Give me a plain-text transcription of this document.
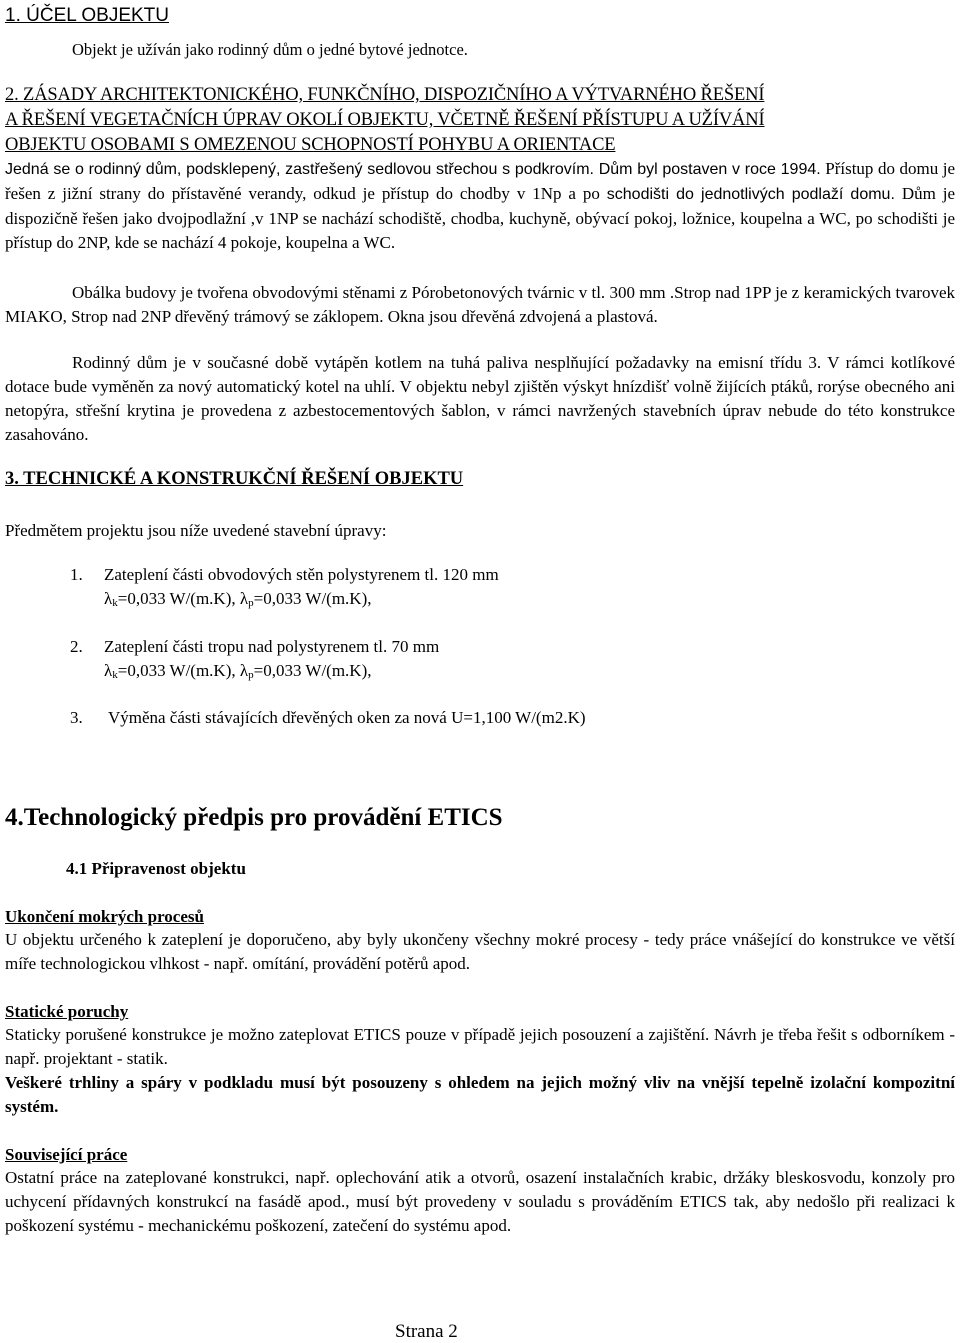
1. ÚČEL OBJEKTU
Objekt je užíván jako rodinný dům o jedné bytové jednotce.
2. ZÁSADY ARCHITEKTONICKÉHO, FUNKČNÍHO, DISPOZIČNÍHO A VÝTVARNÉHO ŘEŠENÍ
A ŘEŠENÍ VEGETAČNÍCH ÚPRAV OKOLÍ OBJEKTU, VČETNĚ ŘEŠENÍ PŘÍSTUPU A UŽÍVÁNÍ
OBJEKTU OSOBAMI S OMEZENOU SCHOPNOSTÍ POHYBU A ORIENTACE

Jedná se o rodinný dům, podsklepený, zastřešený sedlovou střechou s podkrovím. Dům byl postaven v roce 1994. Přístup do domu je řešen z jižní strany do přístavěné verandy, odkud je přístup do chodby v 1Np a po schodišti do jednotlivých podlaží domu. Dům je dispozičně řešen jako dvojpodlažní ,v 1NP se nachází schodiště, chodba, kuchyně, obývací pokoj, ložnice, koupelna a WC, po schodišti je přístup do 2NP, kde se nachází 4 pokoje, koupelna a WC.

Obálka budovy je tvořena obvodovými stěnami z Pórobetonových tvárnic v tl. 300 mm .Strop nad 1PP je z keramických tvarovek MIAKO, Strop nad 2NP dřevěný trámový se záklopem. Okna jsou dřevěná zdvojená a plastová.

Rodinný dům je v současné době vytápěn kotlem na tuhá paliva nesplňující požadavky na emisní třídu 3. V rámci kotlíkové dotace bude vyměněn za nový automatický kotel na uhlí. V objektu nebyl zjištěn výskyt hnízdišť volně žijících ptáků, rorýse obecného ani netopýra, střešní krytina je provedena z azbestocementových šablon, v rámci navržených stavebních úprav nebude do této konstrukce zasahováno.

3. TECHNICKÉ A KONSTRUKČNÍ ŘEŠENÍ OBJEKTU
Předmětem projektu jsou níže uvedené stavební úpravy:
1. Zateplení části obvodových stěn polystyrenem tl. 120 mm
λk=0,033 W/(m.K), λp=0,033 W/(m.K),
2. Zateplení části tropu nad polystyrenem tl. 70 mm
λk=0,033 W/(m.K), λp=0,033 W/(m.K),
3. Výměna části stávajících dřevěných oken za nová U=1,100 W/(m2.K)
4.Technologický předpis pro provádění ETICS
4.1 Připravenost objektu
Ukončení mokrých procesů

U objektu určeného k zateplení je doporučeno, aby byly ukončeny všechny mokré procesy - tedy práce vnášející do konstrukce ve větší míře technologickou vlhkost - např. omítání, provádění potěrů apod.

Statické poruchy

Staticky porušené konstrukce je možno zateplovat ETICS pouze v případě jejich posouzení a zajištění. Návrh je třeba řešit s odborníkem - např. projektant - statik.

Veškeré trhliny a spáry v podkladu musí být posouzeny s ohledem na jejich možný vliv na vnější tepelně izolační kompozitní systém.

Související práce

Ostatní práce na zateplované konstrukci, např. oplechování atik a otvorů, osazení instalačních krabic, držáky bleskosvodu, konzoly pro uchycení přídavných konstrukcí na fasádě apod., musí být provedeny v souladu s prováděním ETICS tak, aby nedošlo při realizaci k poškození systému - mechanickému poškození, zatečení do systému apod.

Strana 2
